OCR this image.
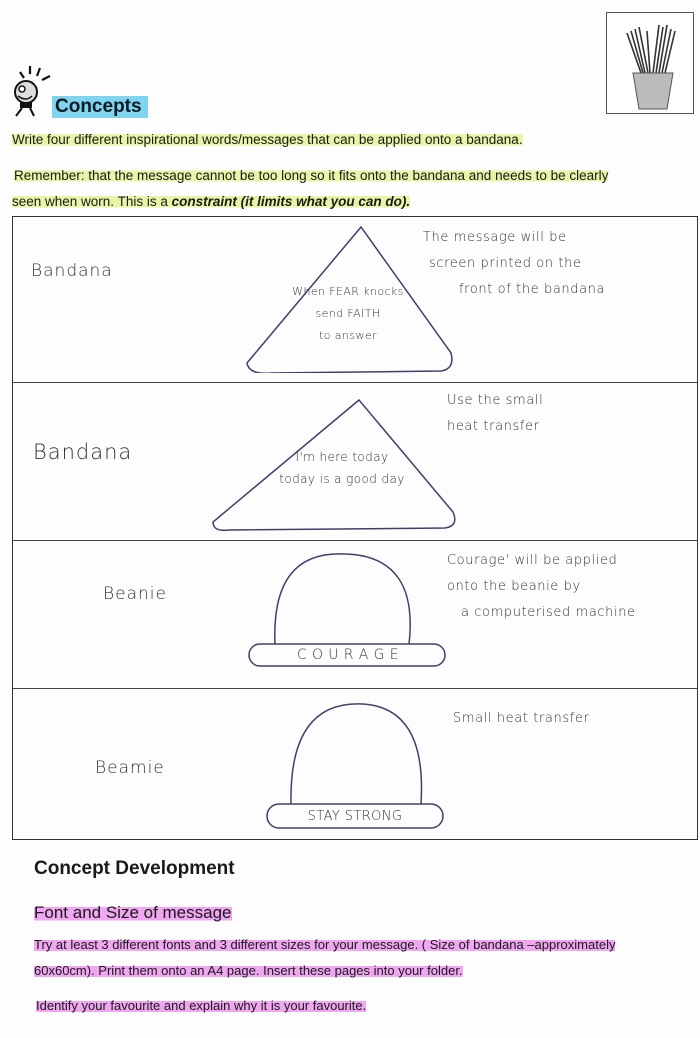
Concepts
Write four different inspirational words/messages that can be applied onto a bandana.
Remember: that the message cannot be too long so it fits onto the bandana and needs to be clearly
seen when worn. This is a constraint (it limits what you can do).
Bandana
When FEAR knocks
send FAITH
to answer
The message will be
screen printed on the
front of the bandana
Bandana	I'm here today
today is a good day
Use the small
heat transfer
Beanie
C O U R A G E
Courage' will be applied
onto the beanie by
a computerised machine
Beamie
STAY STRONG
Small heat transfer
Concept Development
Font and Size of message
Try at least 3 different fonts and 3 different sizes for your message. ( Size of bandana –approximately
60x60cm). Print them onto an A4 page. Insert these pages into your folder.
Identify your favourite and explain why it is your favourite.
